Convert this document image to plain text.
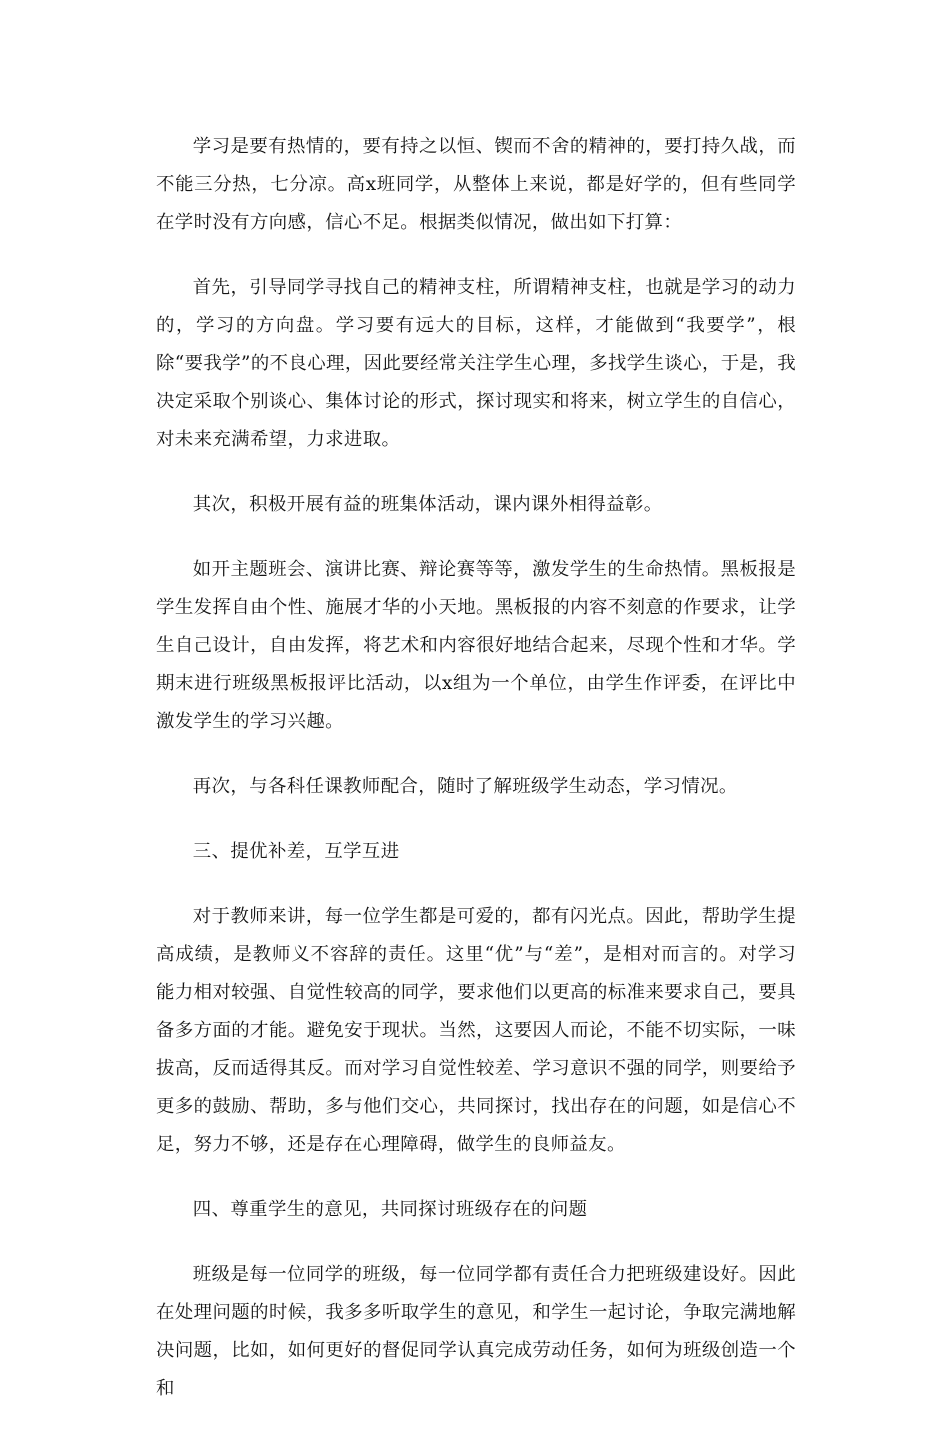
学习是要有热情的，要有持之以恒、锲而不舍的精神的，要打持久战，而不能三分热，七分凉。高x班同学，从整体上来说，都是好学的，但有些同学在学时没有方向感，信心不足。根据类似情况，做出如下打算：

首先，引导同学寻找自己的精神支柱，所谓精神支柱，也就是学习的动力的，学习的方向盘。学习要有远大的目标，这样，才能做到“我要学”，根除“要我学”的不良心理，因此要经常关注学生心理，多找学生谈心，于是，我决定采取个别谈心、集体讨论的形式，探讨现实和将来，树立学生的自信心，对未来充满希望，力求进取。

其次，积极开展有益的班集体活动，课内课外相得益彰。

如开主题班会、演讲比赛、辩论赛等等，激发学生的生命热情。黑板报是学生发挥自由个性、施展才华的小天地。黑板报的内容不刻意的作要求，让学生自己设计，自由发挥，将艺术和内容很好地结合起来，尽现个性和才华。学期末进行班级黑板报评比活动，以x组为一个单位，由学生作评委，在评比中激发学生的学习兴趣。

再次，与各科任课教师配合，随时了解班级学生动态，学习情况。

三、提优补差，互学互进

对于教师来讲，每一位学生都是可爱的，都有闪光点。因此，帮助学生提高成绩，是教师义不容辞的责任。这里“优”与“差”，是相对而言的。对学习能力相对较强、自觉性较高的同学，要求他们以更高的标准来要求自己，要具备多方面的才能。避免安于现状。当然，这要因人而论，不能不切实际，一味拔高，反而适得其反。而对学习自觉性较差、学习意识不强的同学，则要给予更多的鼓励、帮助，多与他们交心，共同探讨，找出存在的问题，如是信心不足，努力不够，还是存在心理障碍，做学生的良师益友。

四、尊重学生的意见，共同探讨班级存在的问题

班级是每一位同学的班级，每一位同学都有责任合力把班级建设好。因此在处理问题的时候，我多多听取学生的意见，和学生一起讨论，争取完满地解决问题，比如，如何更好的督促同学认真完成劳动任务，如何为班级创造一个和
